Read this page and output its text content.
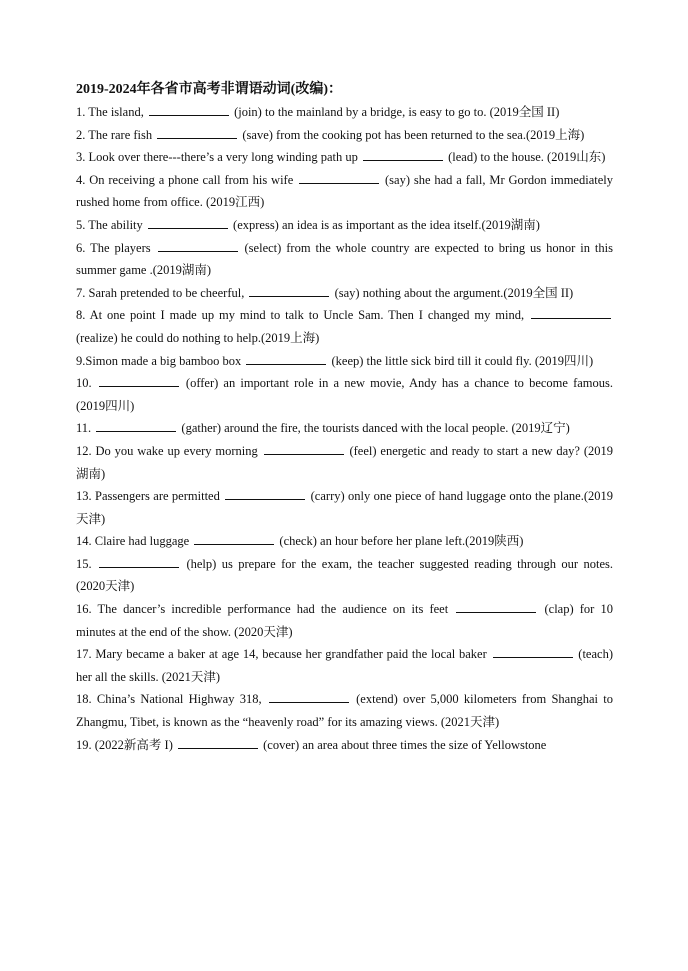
2019-2024年各省市高考非谓语动词(改编)：

1. The island,	(join) to the mainland by a bridge, is easy to go to. (2019全国 II)

2. The rare fish	(save) from the cooking pot has been returned to the sea.(2019上海)

3. Look over there---there’s a very long winding path up	(lead) to the house. (2019山东)

4. On receiving a phone call from his wife	(say) she had a fall, Mr Gordon immediately rushed home from office. (2019江西)

5. The ability	(express) an idea is as important as the idea itself.(2019湖南)

6. The players	(select) from the whole country are expected to bring us honor in this summer game .(2019湖南)

7. Sarah pretended to be cheerful,	(say) nothing about the argument.(2019全国 II)

8. At one point I made up my mind to talk to Uncle Sam. Then I changed my mind,  (realize) he could do nothing to help.(2019上海)

9.Simon made a big bamboo box	(keep) the little sick bird till it could fly. (2019四川)

10.	(offer) an important role in a new movie, Andy has a chance to become famous. (2019四川)

11.	(gather) around the fire, the tourists danced with the local people. (2019辽宁)

12. Do you wake up every morning	(feel) energetic and ready to start a new day? (2019湖南)

13. Passengers are permitted	(carry) only one piece of hand luggage onto the plane.(2019天津)

14. Claire had luggage	(check) an hour before her plane left.(2019陕西)

15.	(help) us prepare for the exam, the teacher suggested reading through our notes. (2020天津)

16. The dancer’s incredible performance had the audience on its feet	(clap) for 10 minutes at the end of the show. (2020天津)

17. Mary became a baker at age 14, because her grandfather paid the local baker	(teach) her all the skills. (2021天津)

18. China’s National Highway 318,	(extend) over 5,000 kilometers from Shanghai to Zhangmu, Tibet, is known as the “heavenly road” for its amazing views. (2021天津)

19. (2022新高考 I)	(cover) an area about three times the size of Yellowstone
